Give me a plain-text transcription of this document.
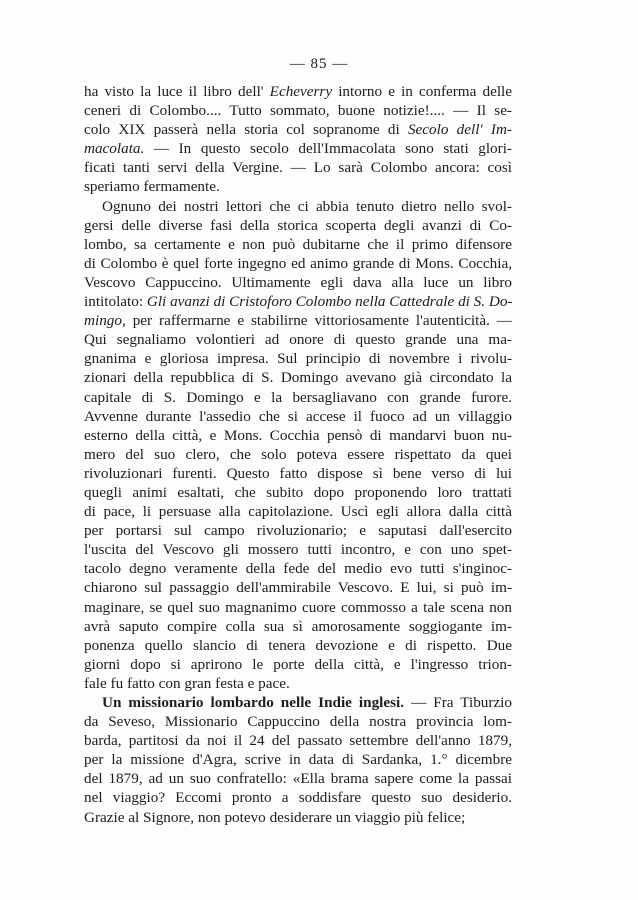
— 85 —
ha visto la luce il libro dell' Echeverry intorno e in conferma delle
ceneri di Colombo.... Tutto sommato, buone notizie!.... — Il se-
colo XIX passerà nella storia col sopranome di Secolo dell' Im-
macolata. — In questo secolo dell'Immacolata sono stati glori-
ficati tanti servi della Vergine. — Lo sarà Colombo ancora: così
speriamo fermamente.
Ognuno dei nostri lettori che ci abbia tenuto dietro nello svol-
gersi delle diverse fasi della storica scoperta degli avanzi di Co-
lombo, sa certamente e non può dubitarne che il primo difensore
di Colombo è quel forte ingegno ed animo grande di Mons. Cocchia,
Vescovo Cappuccino. Ultimamente egli dava alla luce un libro
intitolato: Gli avanzi di Cristoforo Colombo nella Cattedrale di S. Do-
mingo, per raffermarne e stabilirne vittoriosamente l'autenticità. —
Qui segnaliamo volontieri ad onore di questo grande una ma-
gnanima e gloriosa impresa. Sul principio di novembre i rivolu-
zionari della repubblica di S. Domingo avevano già circondato la
capitale di S. Domingo e la bersagliavano con grande furore.
Avvenne durante l'assedio che si accese il fuoco ad un villaggio
esterno della città, e Mons. Cocchia pensò di mandarvi buon nu-
mero del suo clero, che solo poteva essere rispettato da quei
rivoluzionari furenti. Questo fatto dispose sì bene verso di lui
quegli animi esaltati, che subito dopo proponendo loro trattati
di pace, li persuase alla capitolazione. Uscì egli allora dalla città
per portarsi sul campo rivoluzionario; e saputasi dall'esercito
l'uscita del Vescovo gli mossero tutti incontro, e con uno spet-
tacolo degno veramente della fede del medio evo tutti s'inginoc-
chiarono sul passaggio dell'ammirabile Vescovo. E lui, si può im-
maginare, se quel suo magnanimo cuore commosso a tale scena non
avrà saputo compire colla sua sì amorosamente soggiogante im-
ponenza quello slancio di tenera devozione e di rispetto. Due
giorni dopo si aprirono le porte della città, e l'ingresso trion-
fale fu fatto con gran festa e pace.
Un missionario lombardo nelle Indie inglesi. — Fra Tiburzio
da Seveso, Missionario Cappuccino della nostra provincia lom-
barda, partitosi da noi il 24 del passato settembre dell'anno 1879,
per la missione d'Agra, scrive in data di Sardanka, 1.° dicembre
del 1879, ad un suo confratello: «Ella brama sapere come la passai
nel viaggio? Eccomi pronto a soddisfare questo suo desiderio.
Grazie al Signore, non potevo desiderare un viaggio più felice;
